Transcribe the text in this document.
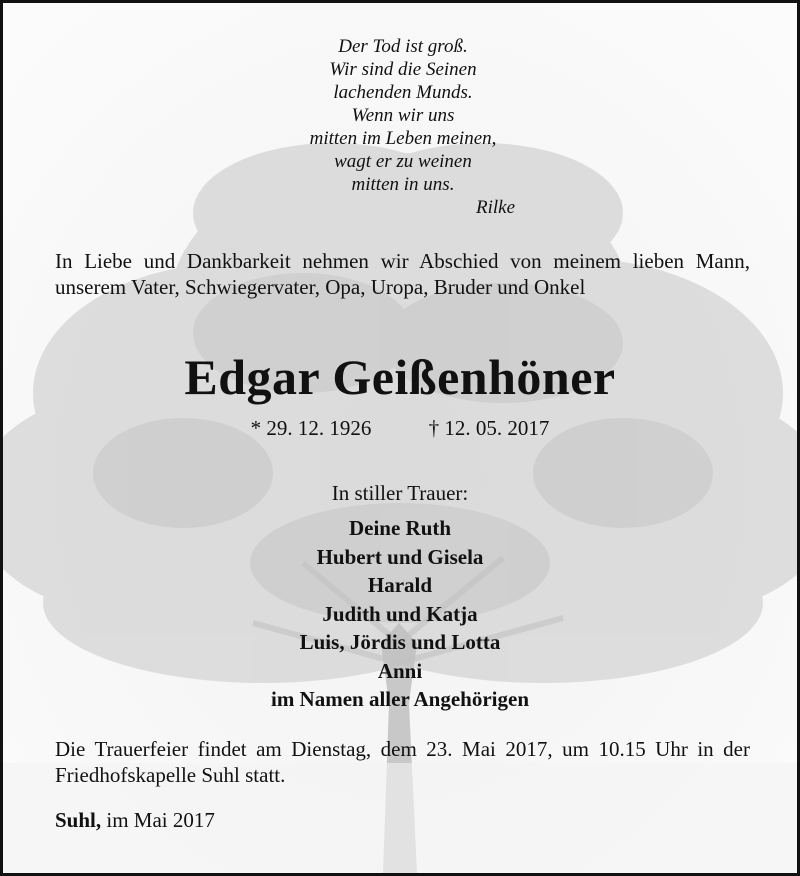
Der Tod ist groß.
Wir sind die Seinen
lachenden Munds.
Wenn wir uns
mitten im Leben meinen,
wagt er zu weinen
mitten in uns.
Rilke
In Liebe und Dankbarkeit nehmen wir Abschied von meinem lieben Mann, unserem Vater, Schwiegervater, Opa, Uropa, Bruder und Onkel
Edgar Geißenhöner
* 29. 12. 1926	† 12. 05. 2017
In stiller Trauer:
Deine Ruth
Hubert und Gisela
Harald
Judith und Katja
Luis, Jördis und Lotta
Anni
im Namen aller Angehörigen
Die Trauerfeier findet am Dienstag, dem 23. Mai 2017, um 10.15 Uhr in der Friedhofskapelle Suhl statt.
Suhl, im Mai 2017
